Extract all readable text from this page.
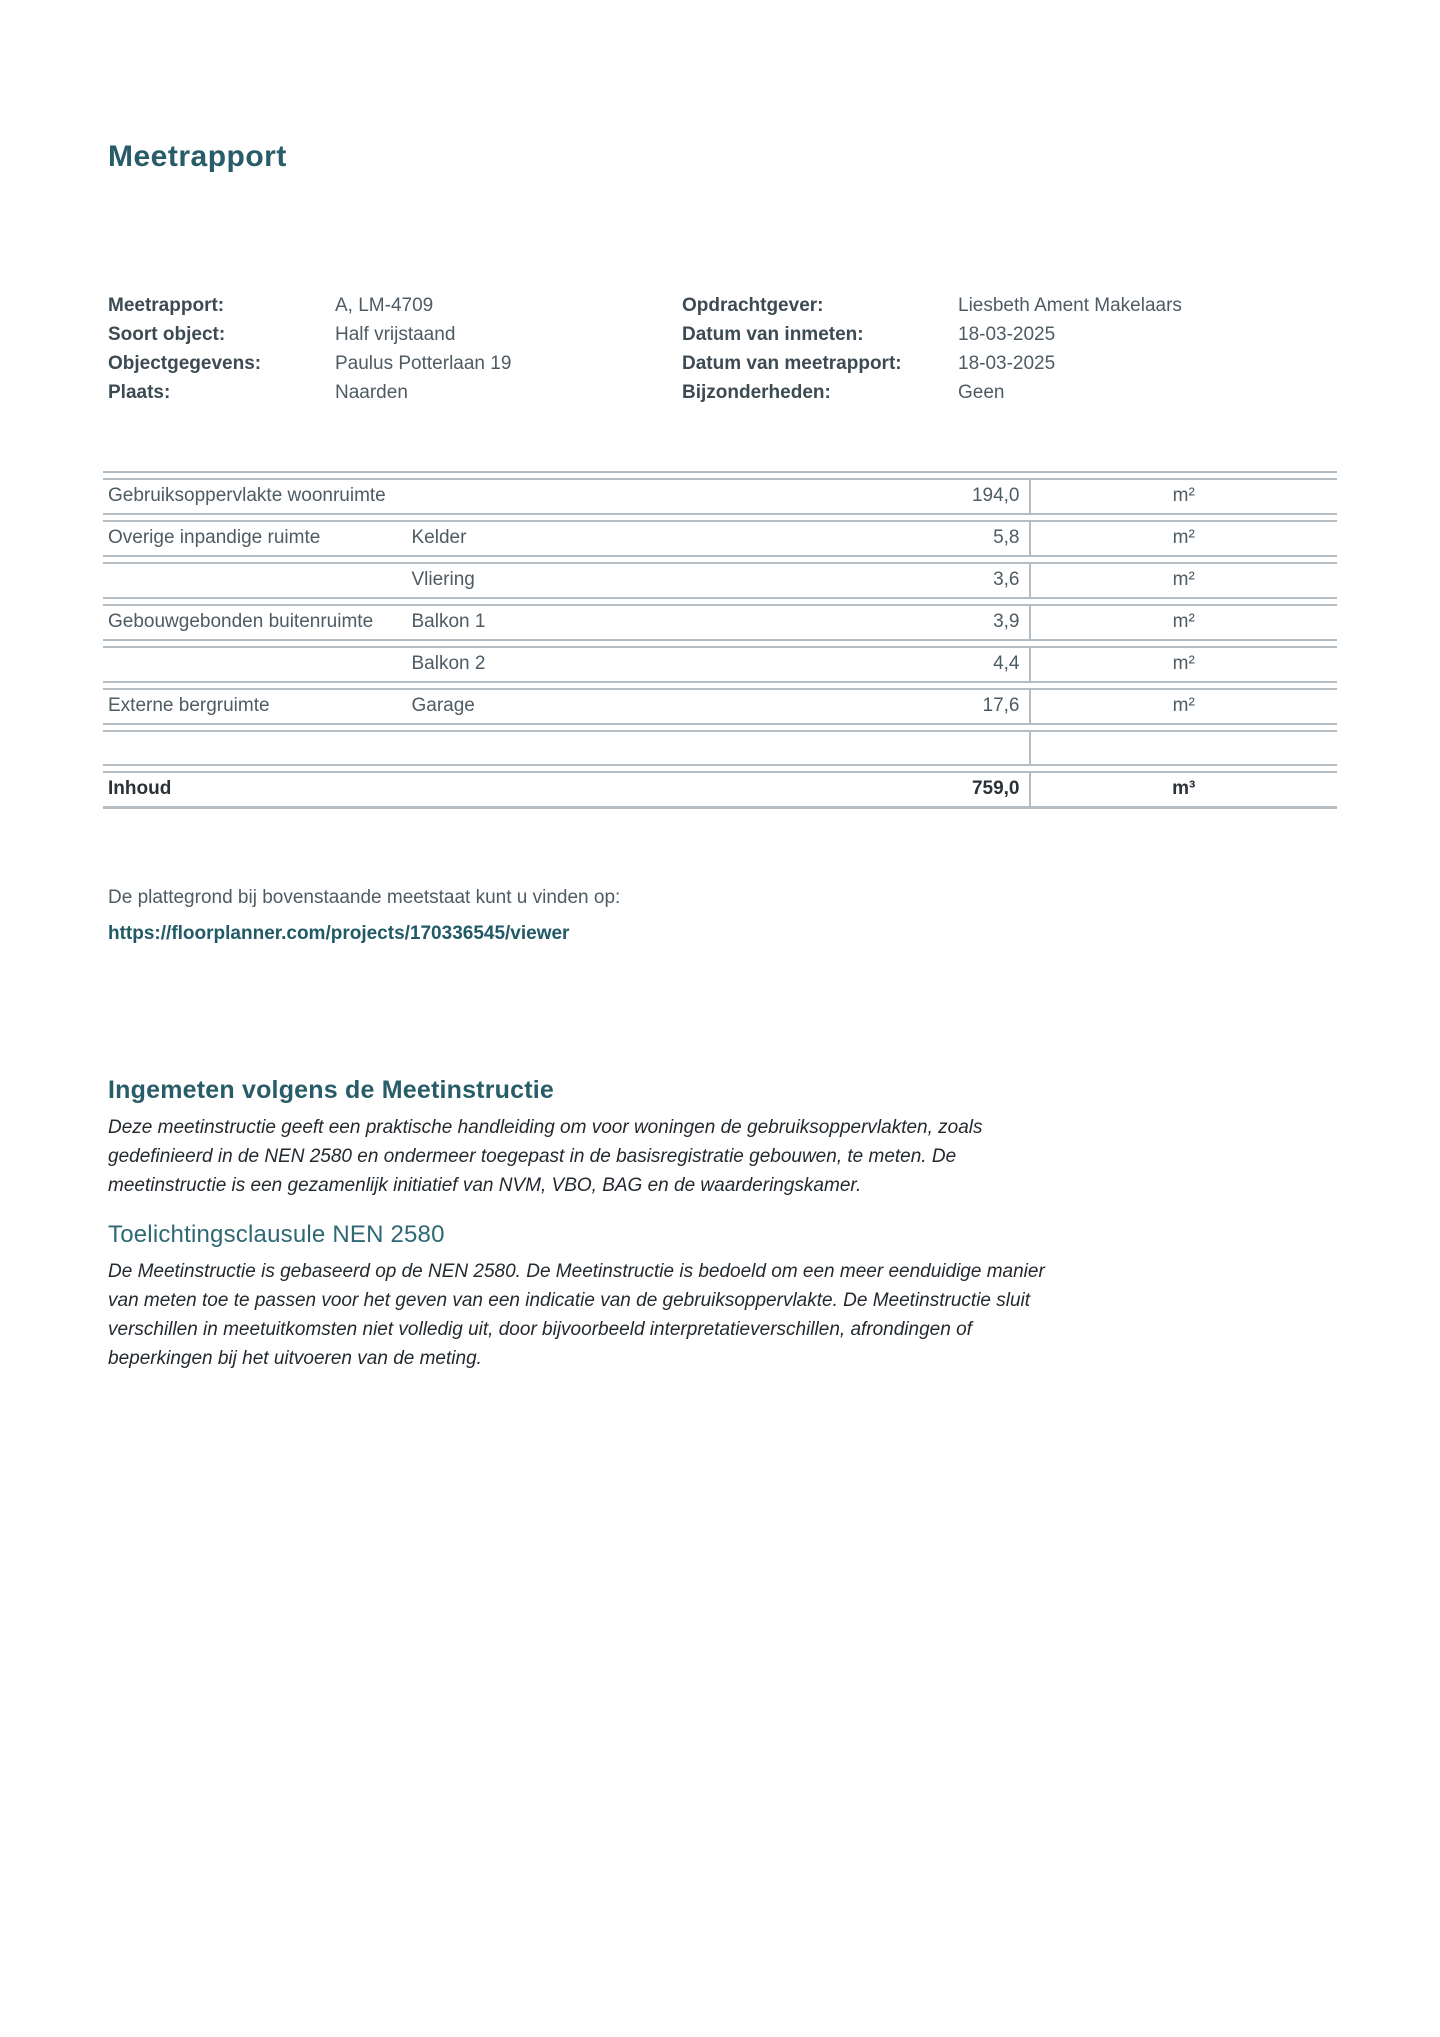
Meetrapport
Meetrapport:	A, LM-4709
Soort object:	Half vrijstaand
Objectgegevens:	Paulus Potterlaan 19
Plaats:	Naarden
Opdrachtgever:	Liesbeth Ament Makelaars
Datum van inmeten:	18-03-2025
Datum van meetrapport:	18-03-2025
Bijzonderheden:	Geen

Gebruiksoppervlakte woonruimte		194,0	m²
Overige inpandige ruimte	Kelder	5,8	m²
	Vliering	3,6	m²
Gebouwgebonden buitenruimte	Balkon 1	3,9	m²
	Balkon 2	4,4	m²
Externe bergruimte	Garage	17,6	m²

Inhoud		759,0	m³

De plattegrond bij bovenstaande meetstaat kunt u vinden op:

https://floorplanner.com/projects/170336545/viewer
Ingemeten volgens de Meetinstructie

Deze meetinstructie geeft een praktische handleiding om voor woningen de gebruiksoppervlakten, zoals gedefinieerd in de NEN 2580 en ondermeer toegepast in de basisregistratie gebouwen, te meten. De meetinstructie is een gezamenlijk initiatief van NVM, VBO, BAG en de waarderingskamer.

Toelichtingsclausule NEN 2580

De Meetinstructie is gebaseerd op de NEN 2580. De Meetinstructie is bedoeld om een meer eenduidige manier van meten toe te passen voor het geven van een indicatie van de gebruiksoppervlakte. De Meetinstructie sluit verschillen in meetuitkomsten niet volledig uit, door bijvoorbeeld interpretatieverschillen, afrondingen of beperkingen bij het uitvoeren van de meting.
